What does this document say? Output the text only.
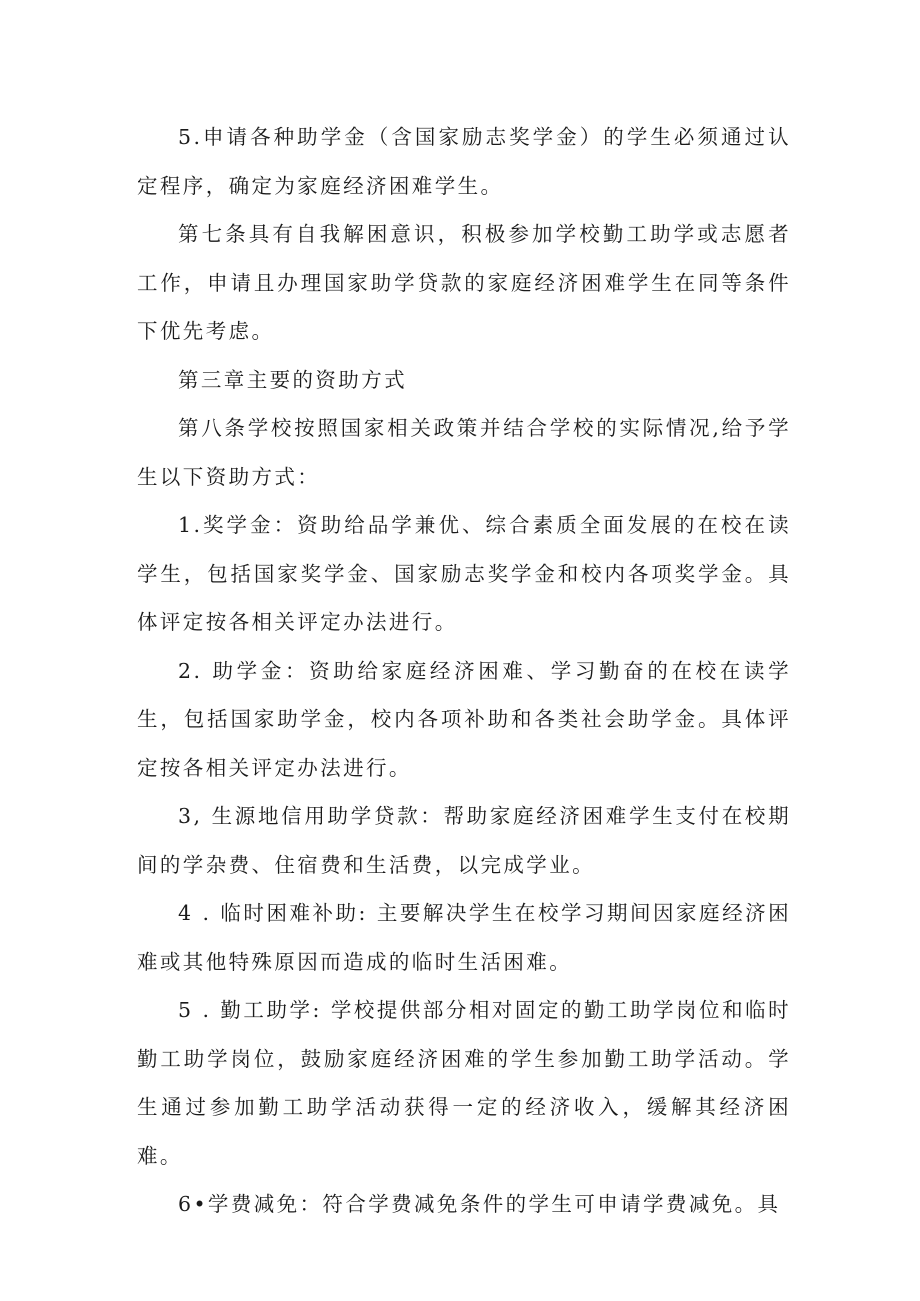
5.申请各种助学金（含国家励志奖学金）的学生必须通过认定程序，确定为家庭经济困难学生。

第七条具有自我解困意识，积极参加学校勤工助学或志愿者工作，申请且办理国家助学贷款的家庭经济困难学生在同等条件下优先考虑。

第三章主要的资助方式

第八条学校按照国家相关政策并结合学校的实际情况,给予学生以下资助方式：

1.奖学金：资助给品学兼优、综合素质全面发展的在校在读学生，包括国家奖学金、国家励志奖学金和校内各项奖学金。具体评定按各相关评定办法进行。

2. 助学金：资助给家庭经济困难、学习勤奋的在校在读学生，包括国家助学金，校内各项补助和各类社会助学金。具体评定按各相关评定办法进行。

3, 生源地信用助学贷款：帮助家庭经济困难学生支付在校期间的学杂费、住宿费和生活费，以完成学业。

4 . 临时困难补助: 主要解决学生在校学习期间因家庭经济困难或其他特殊原因而造成的临时生活困难。

5 . 勤工助学: 学校提供部分相对固定的勤工助学岗位和临时勤工助学岗位，鼓励家庭经济困难的学生参加勤工助学活动。学生通过参加勤工助学活动获得一定的经济收入，缓解其经济困难。

6•学费减免：符合学费减免条件的学生可申请学费减免。具
